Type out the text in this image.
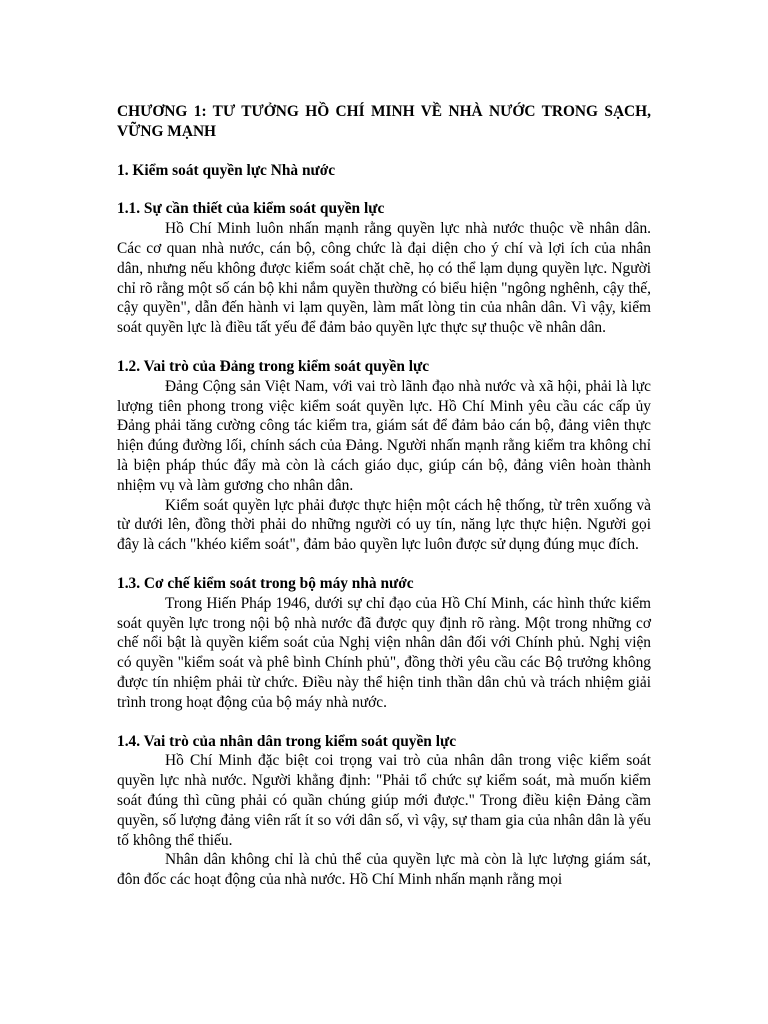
CHƯƠNG 1: TƯ TƯỞNG HỒ CHÍ MINH VỀ NHÀ NƯỚC TRONG SẠCH, VỮNG MẠNH
1. Kiểm soát quyền lực Nhà nước
1.1. Sự cần thiết của kiểm soát quyền lực

Hồ Chí Minh luôn nhấn mạnh rằng quyền lực nhà nước thuộc về nhân dân. Các cơ quan nhà nước, cán bộ, công chức là đại diện cho ý chí và lợi ích của nhân dân, nhưng nếu không được kiểm soát chặt chẽ, họ có thể lạm dụng quyền lực. Người chỉ rõ rằng một số cán bộ khi nắm quyền thường có biểu hiện "ngông nghênh, cậy thế, cậy quyền", dẫn đến hành vi lạm quyền, làm mất lòng tin của nhân dân. Vì vậy, kiểm soát quyền lực là điều tất yếu để đảm bảo quyền lực thực sự thuộc về nhân dân.

1.2. Vai trò của Đảng trong kiểm soát quyền lực

Đảng Cộng sản Việt Nam, với vai trò lãnh đạo nhà nước và xã hội, phải là lực lượng tiên phong trong việc kiểm soát quyền lực. Hồ Chí Minh yêu cầu các cấp ủy Đảng phải tăng cường công tác kiểm tra, giám sát để đảm bảo cán bộ, đảng viên thực hiện đúng đường lối, chính sách của Đảng. Người nhấn mạnh rằng kiểm tra không chỉ là biện pháp thúc đẩy mà còn là cách giáo dục, giúp cán bộ, đảng viên hoàn thành nhiệm vụ và làm gương cho nhân dân.

Kiểm soát quyền lực phải được thực hiện một cách hệ thống, từ trên xuống và từ dưới lên, đồng thời phải do những người có uy tín, năng lực thực hiện. Người gọi đây là cách "khéo kiểm soát", đảm bảo quyền lực luôn được sử dụng đúng mục đích.

1.3. Cơ chế kiểm soát trong bộ máy nhà nước

Trong Hiến Pháp 1946, dưới sự chỉ đạo của Hồ Chí Minh, các hình thức kiểm soát quyền lực trong nội bộ nhà nước đã được quy định rõ ràng. Một trong những cơ chế nổi bật là quyền kiểm soát của Nghị viện nhân dân đối với Chính phủ. Nghị viện có quyền "kiểm soát và phê bình Chính phủ", đồng thời yêu cầu các Bộ trưởng không được tín nhiệm phải từ chức. Điều này thể hiện tinh thần dân chủ và trách nhiệm giải trình trong hoạt động của bộ máy nhà nước.

1.4. Vai trò của nhân dân trong kiểm soát quyền lực

Hồ Chí Minh đặc biệt coi trọng vai trò của nhân dân trong việc kiểm soát quyền lực nhà nước. Người khẳng định: "Phải tổ chức sự kiểm soát, mà muốn kiểm soát đúng thì cũng phải có quần chúng giúp mới được." Trong điều kiện Đảng cầm quyền, số lượng đảng viên rất ít so với dân số, vì vậy, sự tham gia của nhân dân là yếu tố không thể thiếu.

Nhân dân không chỉ là chủ thể của quyền lực mà còn là lực lượng giám sát, đôn đốc các hoạt động của nhà nước. Hồ Chí Minh nhấn mạnh rằng mọi
